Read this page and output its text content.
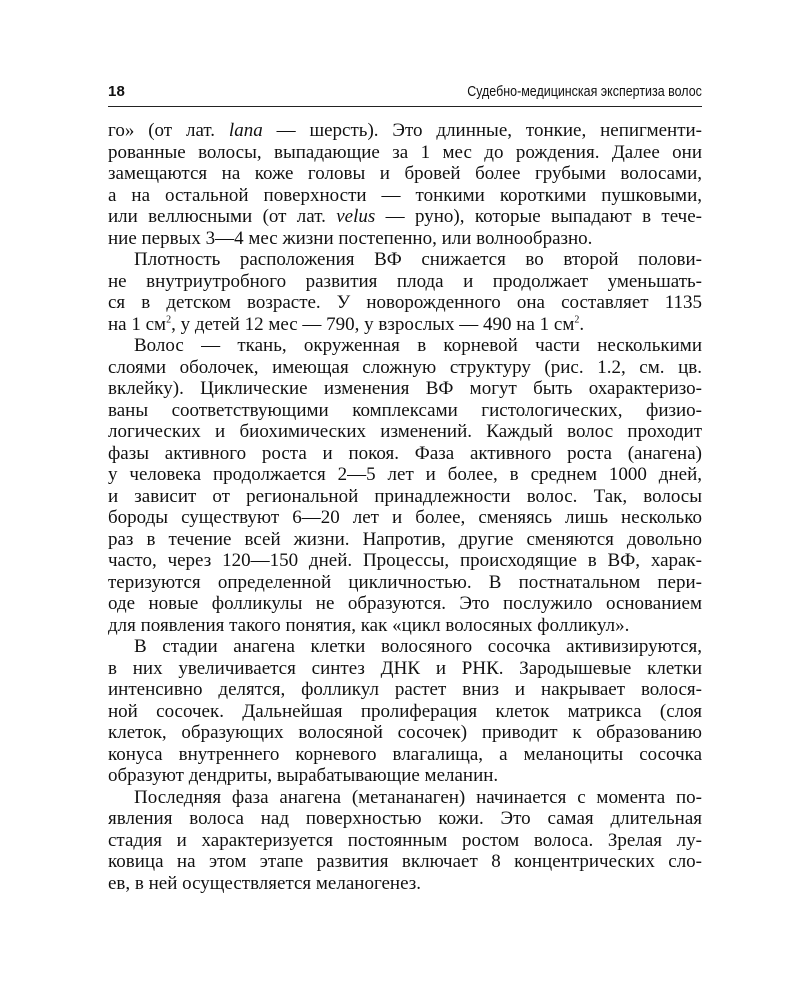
18	Судебно-медицинская экспертиза волос
го» (от лат. lana — шерсть). Это длинные, тонкие, непигменти-
рованные волосы, выпадающие за 1 мес до рождения. Далее они
замещаются на коже головы и бровей более грубыми волосами,
а на остальной поверхности — тонкими короткими пушковыми,
или веллюсными (от лат. velus — руно), которые выпадают в тече-
ние первых 3—4 мес жизни постепенно, или волнообразно.
Плотность расположения ВФ снижается во второй полови-
не внутриутробного развития плода и продолжает уменьшать-
ся в детском возрасте. У новорожденного она составляет 1135
на 1 $см^2$, у детей 12 мес — 790, у взрослых — 490 на 1 $см^2$.
Волос — ткань, окруженная в корневой части несколькими
слоями оболочек, имеющая сложную структуру (рис. 1.2, см. цв.
вклейку). Циклические изменения ВФ могут быть охарактеризо-
ваны соответствующими комплексами гистологических, физио-
логических и биохимических изменений. Каждый волос проходит
фазы активного роста и покоя. Фаза активного роста (анагена)
у человека продолжается 2—5 лет и более, в среднем 1000 дней,
и зависит от региональной принадлежности волос. Так, волосы
бороды существуют 6—20 лет и более, сменяясь лишь несколько
раз в течение всей жизни. Напротив, другие сменяются довольно
часто, через 120—150 дней. Процессы, происходящие в ВФ, харак-
теризуются определенной цикличностью. В постнатальном пери-
оде новые фолликулы не образуются. Это послужило основанием
для появления такого понятия, как «цикл волосяных фолликул».
В стадии анагена клетки волосяного сосочка активизируются,
в них увеличивается синтез ДНК и РНК. Зародышевые клетки
интенсивно делятся, фолликул растет вниз и накрывает волося-
ной сосочек. Дальнейшая пролиферация клеток матрикса (слоя
клеток, образующих волосяной сосочек) приводит к образованию
конуса внутреннего корневого влагалища, а меланоциты сосочка
образуют дендриты, вырабатывающие меланин.
Последняя фаза анагена (метананаген) начинается с момента по-
явления волоса над поверхностью кожи. Это самая длительная
стадия и характеризуется постоянным ростом волоса. Зрелая лу-
ковица на этом этапе развития включает 8 концентрических сло-
ев, в ней осуществляется меланогенез.
